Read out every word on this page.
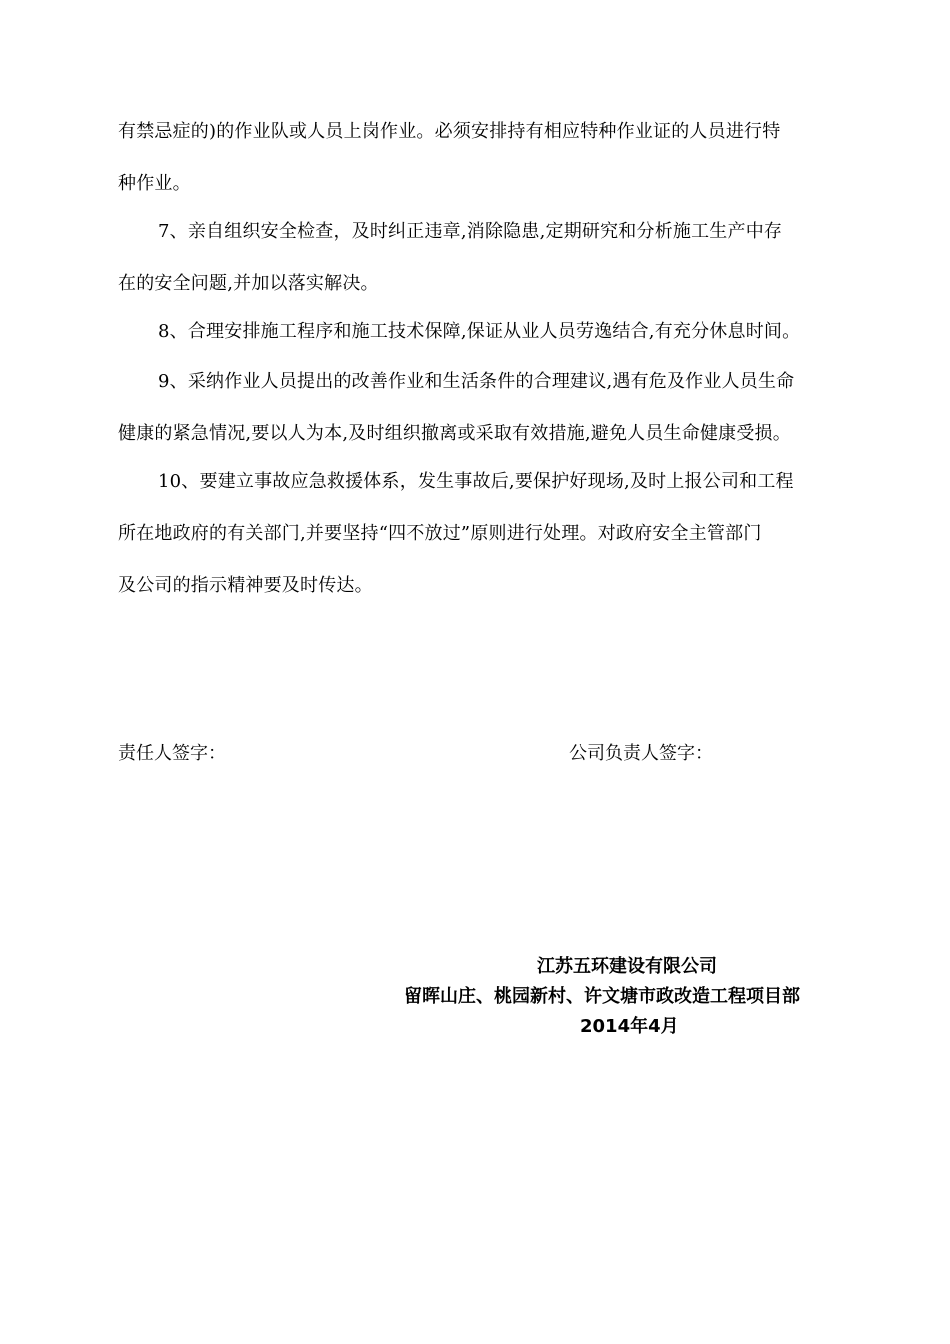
有禁忌症的)的作业队或人员上岗作业。必须安排持有相应特种作业证的人员进行特
种作业。
7、亲自组织安全检查，及时纠正违章,消除隐患,定期研究和分析施工生产中存
在的安全问题,并加以落实解决。
8、合理安排施工程序和施工技术保障,保证从业人员劳逸结合,有充分休息时间。
9、采纳作业人员提出的改善作业和生活条件的合理建议,遇有危及作业人员生命
健康的紧急情况,要以人为本,及时组织撤离或采取有效措施,避免人员生命健康受损。
10、要建立事故应急救援体系，发生事故后,要保护好现场,及时上报公司和工程
所在地政府的有关部门,并要坚持“四不放过”原则进行处理。对政府安全主管部门
及公司的指示精神要及时传达。
责任人签字：	公司负责人签字：
江苏五环建设有限公司
留晖山庄、桃园新村、许文塘市政改造工程项目部
2014年4月
